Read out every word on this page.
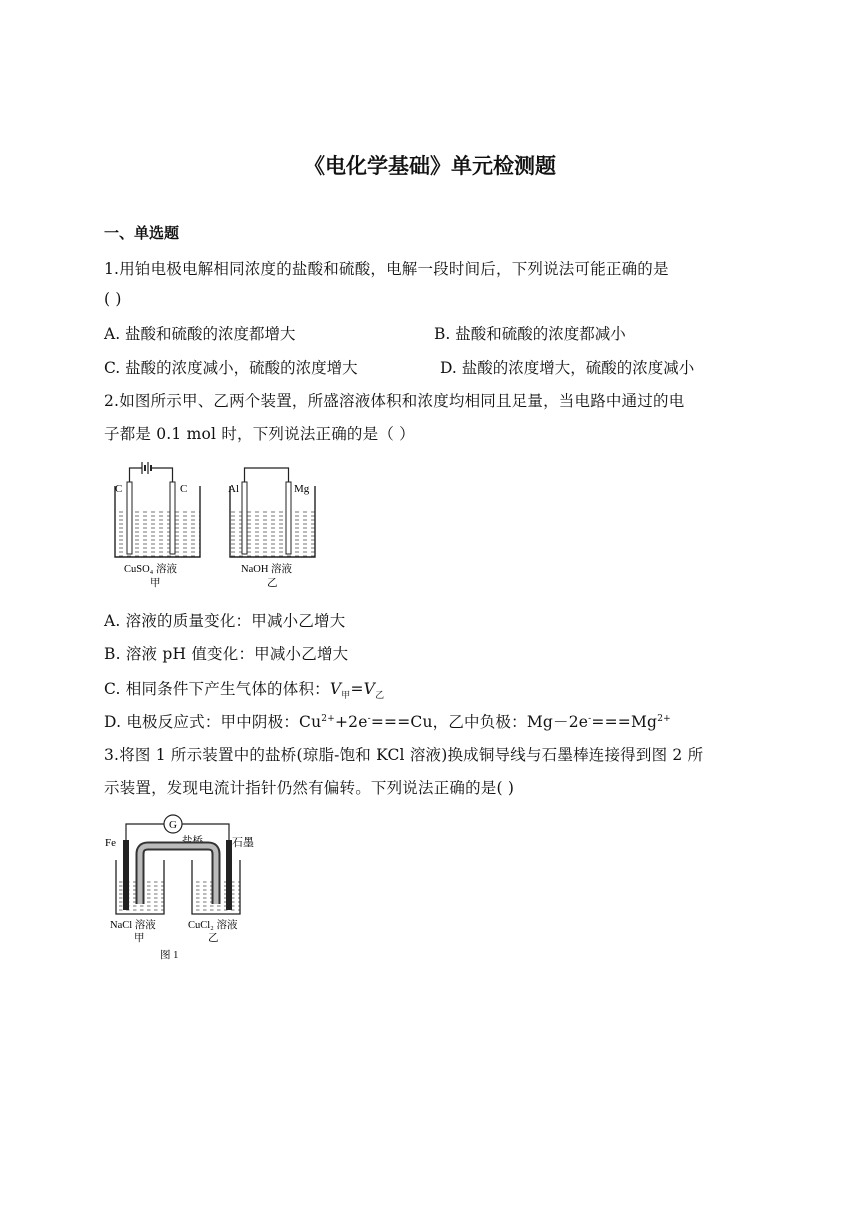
《电化学基础》单元检测题
一、单选题
1.用铂电极电解相同浓度的盐酸和硫酸，电解一段时间后，下列说法可能正确的是
( )
A. 盐酸和硫酸的浓度都增大	B. 盐酸和硫酸的浓度都减小
C. 盐酸的浓度减小，硫酸的浓度增大	D. 盐酸的浓度增大，硫酸的浓度减小
2.如图所示甲、乙两个装置，所盛溶液体积和浓度均相同且足量，当电路中通过的电
子都是 0.1 mol 时，下列说法正确的是（ ）
C	C
CuSO₄ 溶液
甲
Al	Mg
NaOH 溶液
乙
A. 溶液的质量变化：甲减小乙增大
B. 溶液 pH 值变化：甲减小乙增大
C. 相同条件下产生气体的体积：$V_甲=V_乙$
D. 电极反应式：甲中阴极：$Cu^{2+}+2e^-===Cu$，乙中负极：$Mg-2e^-===Mg^{2+}$
3.将图 1 所示装置中的盐桥(琼脂-饱和 KCl 溶液)换成铜导线与石墨棒连接得到图 2 所
示装置，发现电流计指针仍然有偏转。下列说法正确的是( )
G
盐桥
Fe	石墨
NaCl 溶液
甲
CuCl₂ 溶液
乙
图 1
